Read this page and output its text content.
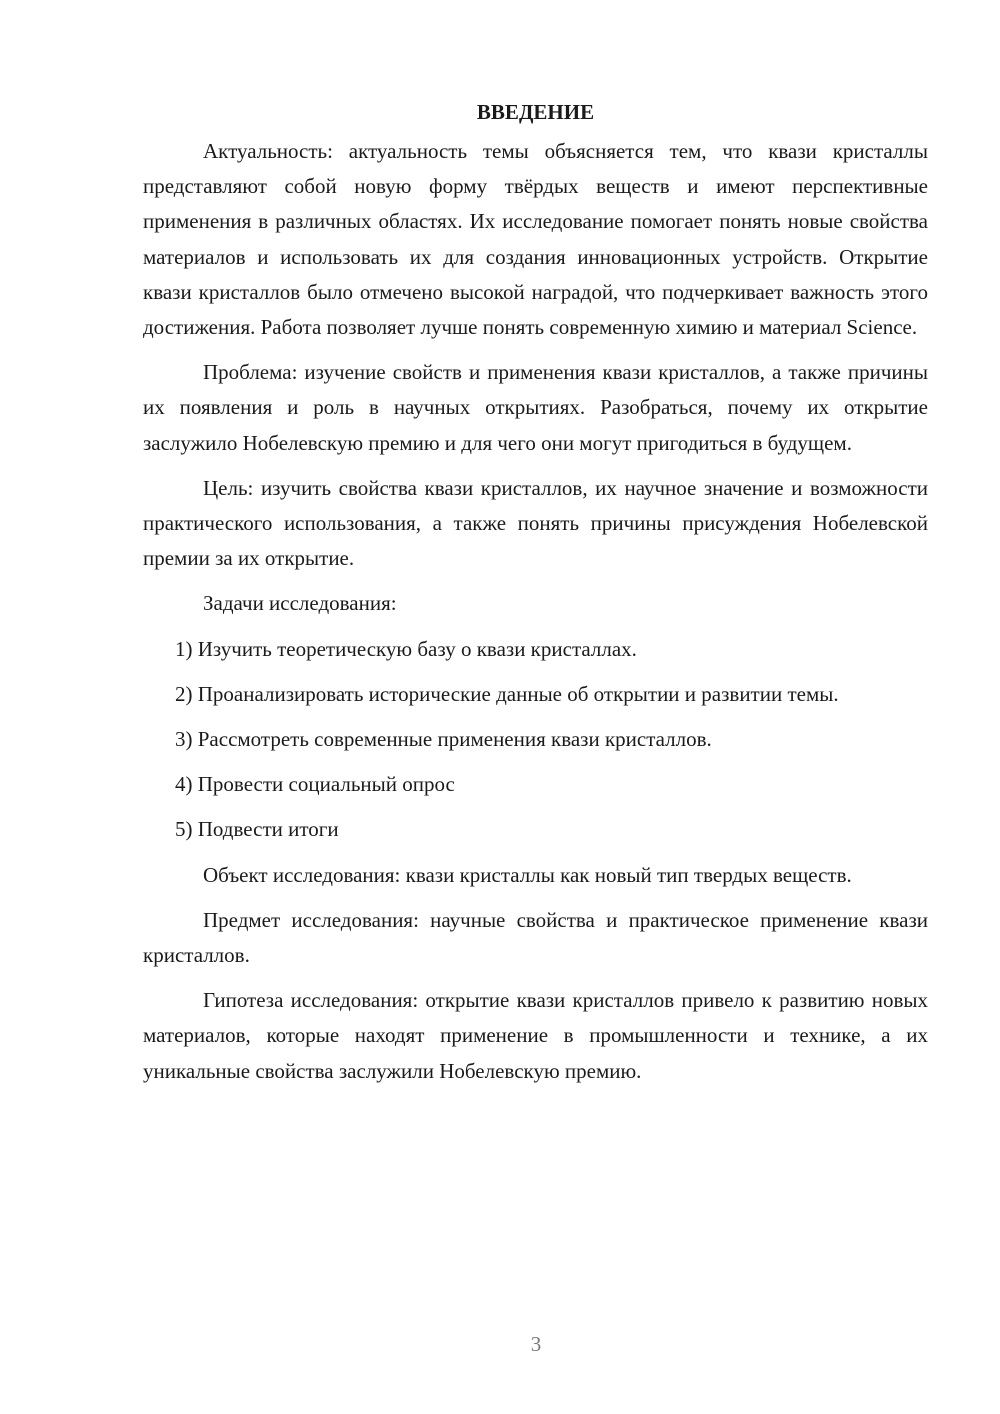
ВВЕДЕНИЕ

Актуальность: актуальность темы объясняется тем, что квази кристаллы представляют собой новую форму твёрдых веществ и имеют перспективные применения в различных областях. Их исследование помогает понять новые свойства материалов и использовать их для создания инновационных устройств. Открытие квази кристаллов было отмечено высокой наградой, что подчеркивает важность этого достижения. Работа позволяет лучше понять современную химию и материал Science.

Проблема: изучение свойств и применения квази кристаллов, а также причины их появления и роль в научных открытиях. Разобраться, почему их открытие заслужило Нобелевскую премию и для чего они могут пригодиться в будущем.

Цель: изучить свойства квази кристаллов, их научное значение и возможности практического использования, а также понять причины присуждения Нобелевской премии за их открытие.

Задачи исследования:

1) Изучить теоретическую базу о квази кристаллах.

2) Проанализировать исторические данные об открытии и развитии темы.

3) Рассмотреть современные применения квази кристаллов.

4) Провести социальный опрос

5) Подвести итоги

Объект исследования: квази кристаллы как новый тип твердых веществ.

Предмет исследования: научные свойства и практическое применение квази кристаллов.

Гипотеза исследования: открытие квази кристаллов привело к развитию новых материалов, которые находят применение в промышленности и технике, а их уникальные свойства заслужили Нобелевскую премию.

3
